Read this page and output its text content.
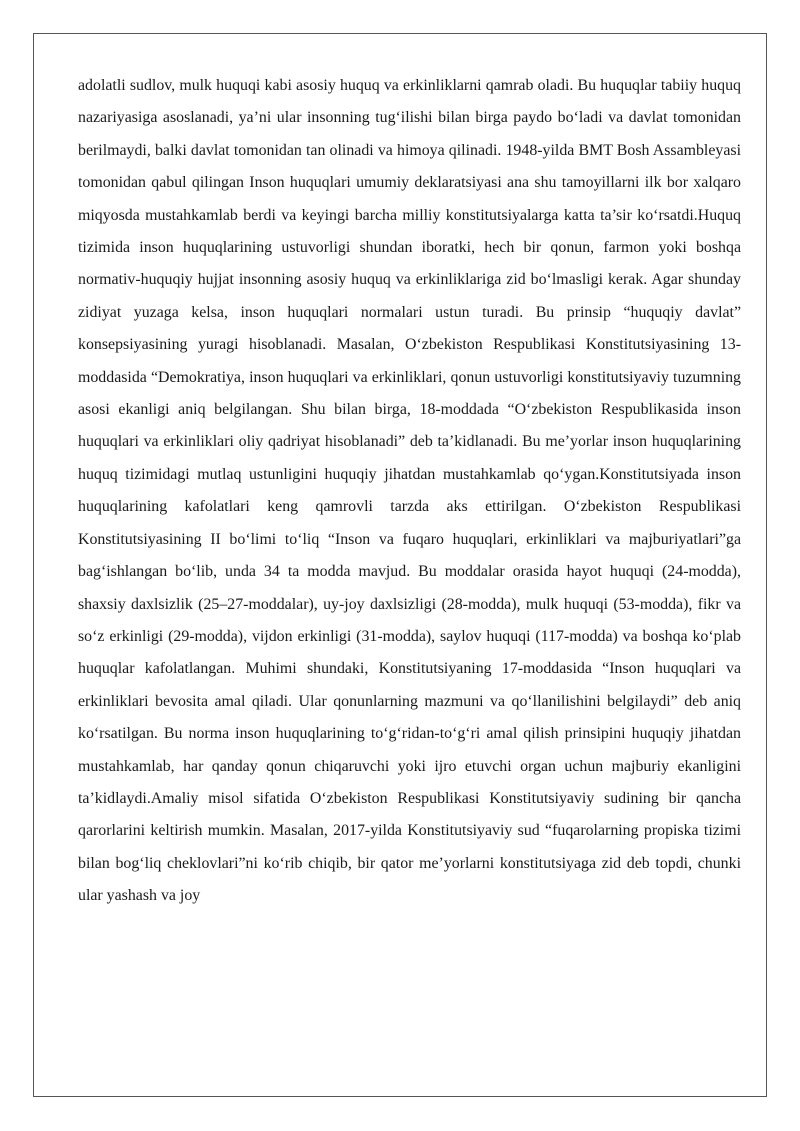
adolatli sudlov, mulk huquqi kabi asosiy huquq va erkinliklarni qamrab oladi. Bu huquqlar tabiiy huquq nazariyasiga asoslanadi, ya’ni ular insonning tug‘ilishi bilan birga paydo bo‘ladi va davlat tomonidan berilmaydi, balki davlat tomonidan tan olinadi va himoya qilinadi. 1948-yilda BMT Bosh Assambleyasi tomonidan qabul qilingan Inson huquqlari umumiy deklaratsiyasi ana shu tamoyillarni ilk bor xalqaro miqyosda mustahkamlab berdi va keyingi barcha milliy konstitutsiyalarga katta ta’sir ko‘rsatdi.Huquq tizimida inson huquqlarining ustuvorligi shundan iboratki, hech bir qonun, farmon yoki boshqa normativ-huquqiy hujjat insonning asosiy huquq va erkinliklariga zid bo‘lmasligi kerak. Agar shunday zidiyat yuzaga kelsa, inson huquqlari normalari ustun turadi. Bu prinsip “huquqiy davlat” konsepsiyasining yuragi hisoblanadi. Masalan, O‘zbekiston Respublikasi Konstitutsiyasining 13-moddasida “Demokratiya, inson huquqlari va erkinliklari, qonun ustuvorligi konstitutsiyaviy tuzumning asosi ekanligi aniq belgilangan. Shu bilan birga, 18-moddada “O‘zbekiston Respublikasida inson huquqlari va erkinliklari oliy qadriyat hisoblanadi” deb ta’kidlanadi. Bu me’yorlar inson huquqlarining huquq tizimidagi mutlaq ustunligini huquqiy jihatdan mustahkamlab qo‘ygan.Konstitutsiyada inson huquqlarining kafolatlari keng qamrovli tarzda aks ettirilgan. O‘zbekiston Respublikasi Konstitutsiyasining II bo‘limi to‘liq “Inson va fuqaro huquqlari, erkinliklari va majburiyatlari”ga bag‘ishlangan bo‘lib, unda 34 ta modda mavjud. Bu moddalar orasida hayot huquqi (24-modda), shaxsiy daxlsizlik (25–27-moddalar), uy-joy daxlsizligi (28-modda), mulk huquqi (53-modda), fikr va so‘z erkinligi (29-modda), vijdon erkinligi (31-modda), saylov huquqi (117-modda) va boshqa ko‘plab huquqlar kafolatlangan. Muhimi shundaki, Konstitutsiyaning 17-moddasida “Inson huquqlari va erkinliklari bevosita amal qiladi. Ular qonunlarning mazmuni va qo‘llanilishini belgilaydi” deb aniq ko‘rsatilgan. Bu norma inson huquqlarining to‘g‘ridan-to‘g‘ri amal qilish prinsipini huquqiy jihatdan mustahkamlab, har qanday qonun chiqaruvchi yoki ijro etuvchi organ uchun majburiy ekanligini ta’kidlaydi.Amaliy misol sifatida O‘zbekiston Respublikasi Konstitutsiyaviy sudining bir qancha qarorlarini keltirish mumkin. Masalan, 2017-yilda Konstitutsiyaviy sud “fuqarolarning propiska tizimi bilan bog‘liq cheklovlari”ni ko‘rib chiqib, bir qator me’yorlarni konstitutsiyaga zid deb topdi, chunki ular yashash va joy
